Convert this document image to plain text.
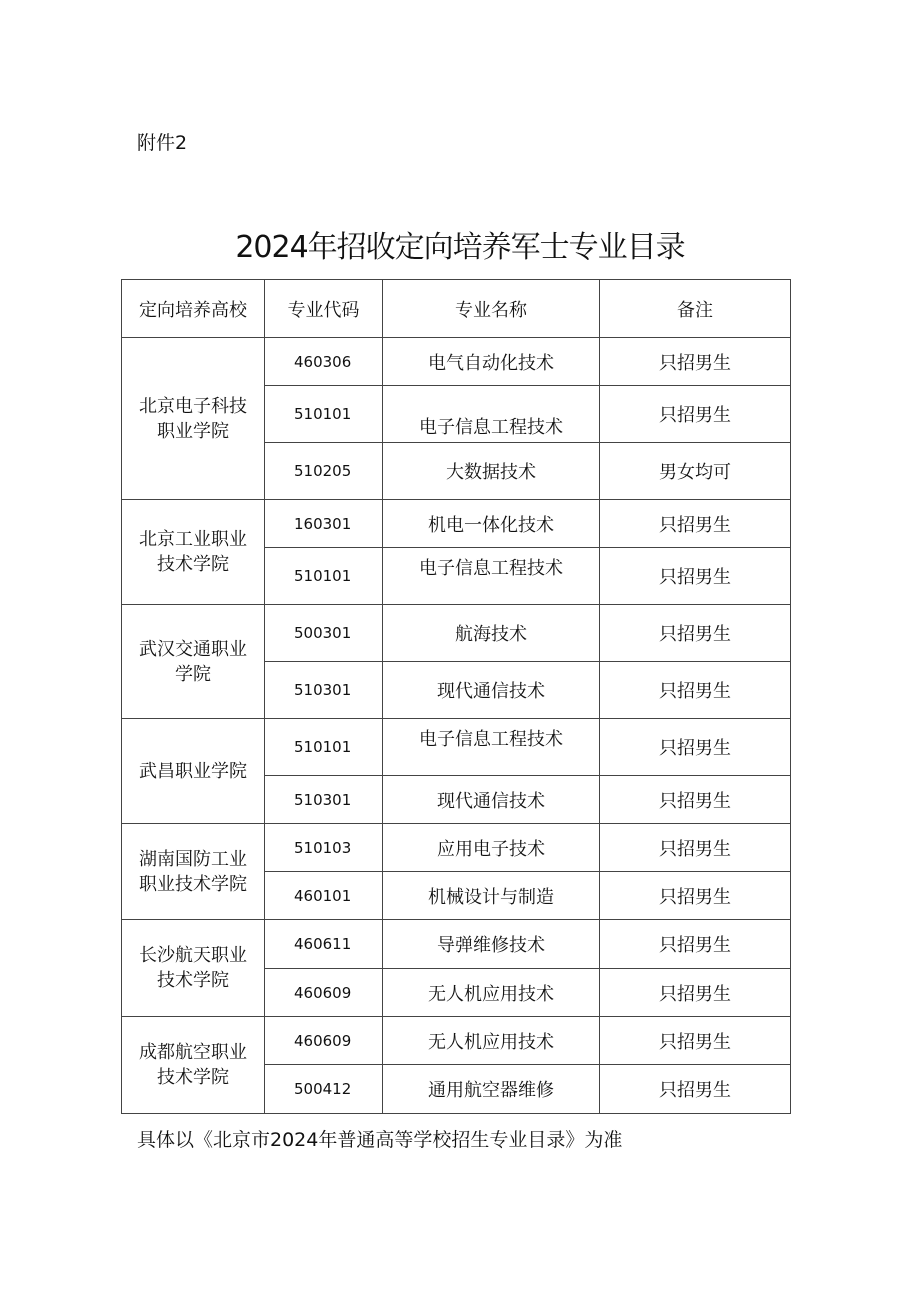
附件2
2024年招收定向培养军士专业目录
定向培养高校	专业代码	专业名称	备注
北京电子科技职业学院	460306	电气自动化技术	只招男生
	510101	电子信息工程技术	只招男生
	510205	大数据技术	男女均可
北京工业职业技术学院	160301	机电一体化技术	只招男生
	510101	电子信息工程技术	只招男生
武汉交通职业学院	500301	航海技术	只招男生
	510301	现代通信技术	只招男生
武昌职业学院	510101	电子信息工程技术	只招男生
	510301	现代通信技术	只招男生
湖南国防工业职业技术学院	510103	应用电子技术	只招男生
	460101	机械设计与制造	只招男生
长沙航天职业技术学院	460611	导弹维修技术	只招男生
	460609	无人机应用技术	只招男生
成都航空职业技术学院	460609	无人机应用技术	只招男生
	500412	通用航空器维修	只招男生
具体以《北京市2024年普通高等学校招生专业目录》为准
